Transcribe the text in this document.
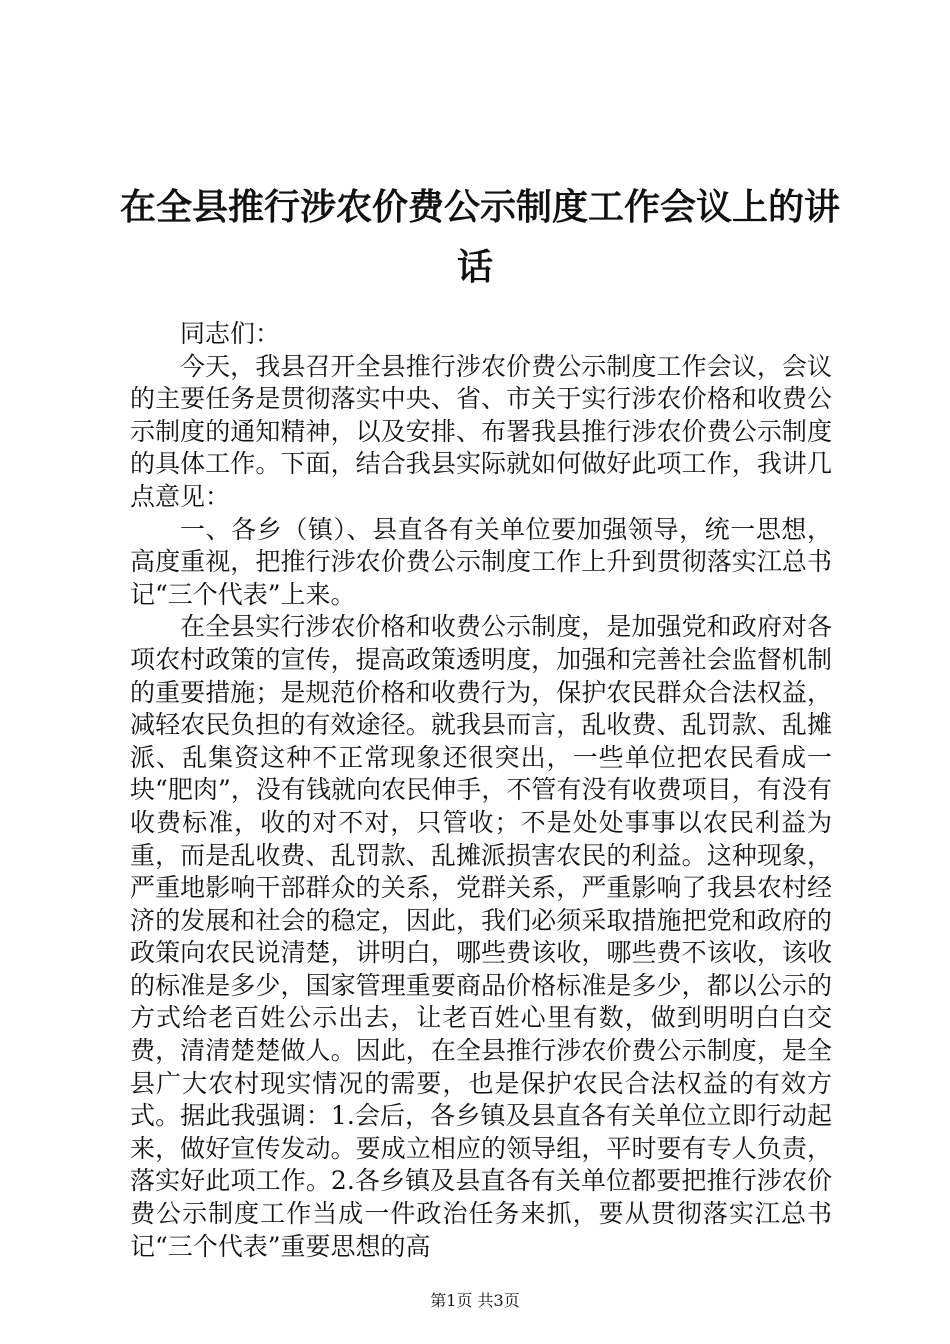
在全县推行涉农价费公示制度工作会议上的讲
话

同志们：

今天，我县召开全县推行涉农价费公示制度工作会议，会议的主要任务是贯彻落实中央、省、市关于实行涉农价格和收费公示制度的通知精神，以及安排、布署我县推行涉农价费公示制度的具体工作。下面，结合我县实际就如何做好此项工作，我讲几点意见：

一、各乡（镇）、县直各有关单位要加强领导，统一思想，高度重视，把推行涉农价费公示制度工作上升到贯彻落实江总书记“三个代表”上来。

在全县实行涉农价格和收费公示制度，是加强党和政府对各项农村政策的宣传，提高政策透明度，加强和完善社会监督机制的重要措施；是规范价格和收费行为，保护农民群众合法权益，减轻农民负担的有效途径。就我县而言，乱收费、乱罚款、乱摊派、乱集资这种不正常现象还很突出，一些单位把农民看成一块“肥肉”，没有钱就向农民伸手，不管有没有收费项目，有没有收费标准，收的对不对，只管收；不是处处事事以农民利益为重，而是乱收费、乱罚款、乱摊派损害农民的利益。这种现象，严重地影响干部群众的关系，党群关系，严重影响了我县农村经济的发展和社会的稳定，因此，我们必须采取措施把党和政府的政策向农民说清楚，讲明白，哪些费该收，哪些费不该收，该收的标准是多少，国家管理重要商品价格标准是多少，都以公示的方式给老百姓公示出去，让老百姓心里有数，做到明明白白交费，清清楚楚做人。因此，在全县推行涉农价费公示制度，是全县广大农村现实情况的需要，也是保护农民合法权益的有效方式。据此我强调：1.会后，各乡镇及县直各有关单位立即行动起来，做好宣传发动。要成立相应的领导组，平时要有专人负责，落实好此项工作。2.各乡镇及县直各有关单位都要把推行涉农价费公示制度工作当成一件政治任务来抓，要从贯彻落实江总书记“三个代表”重要思想的高

第1页 共3页
